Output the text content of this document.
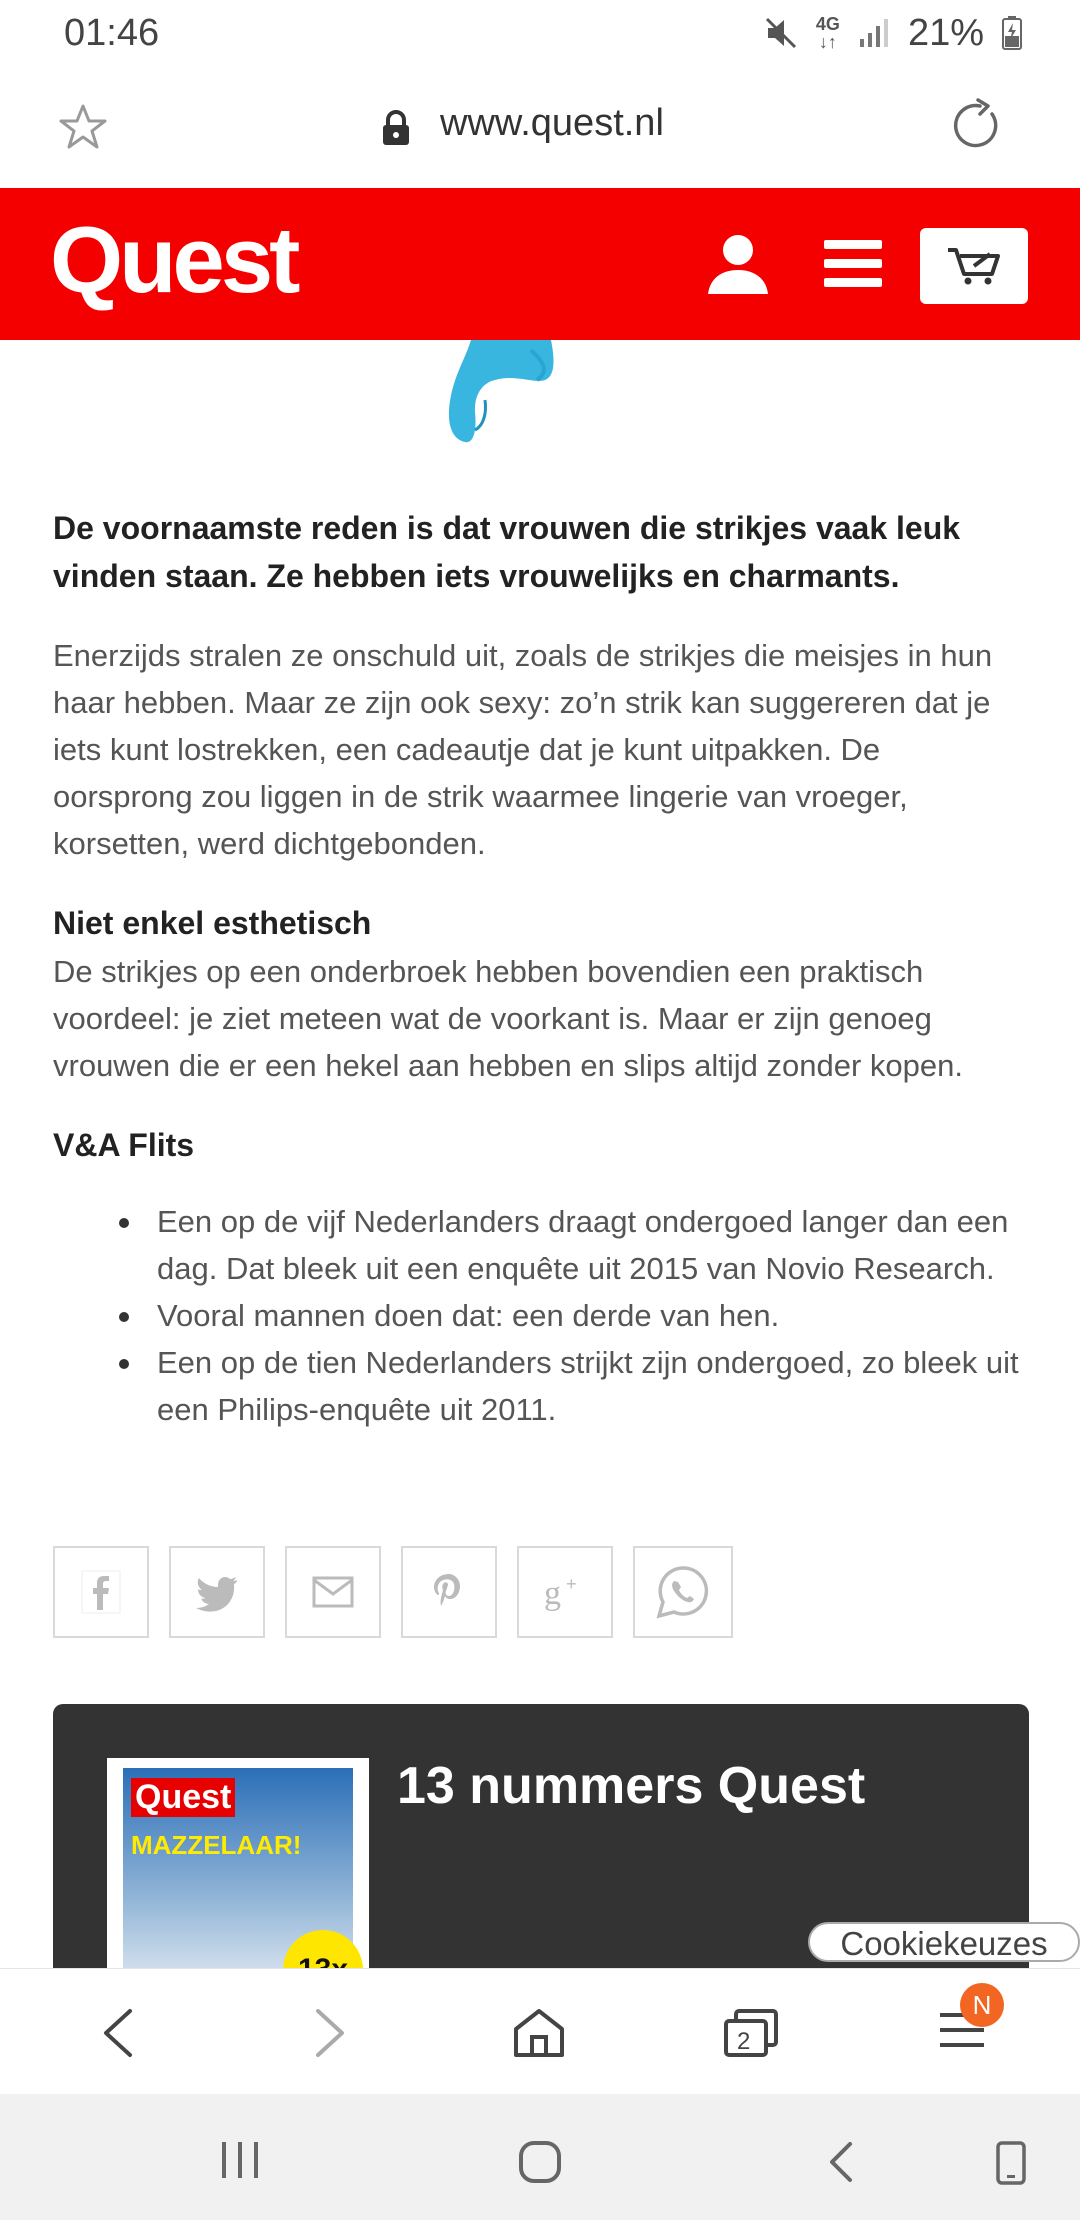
01:46	4G
↓↑ 21%
www.quest.nl
Quest

De voornaamste reden is dat vrouwen die strikjes vaak leuk vinden staan. Ze hebben iets vrouwelijks en charmants.

Enerzijds stralen ze onschuld uit, zoals de strikjes die meisjes in hun haar hebben. Maar ze zijn ook sexy: zo’n strik kan suggereren dat je iets kunt lostrekken, een cadeautje dat je kunt uitpakken. De oorsprong zou liggen in de strik waarmee lingerie van vroeger, korsetten, werd dichtgebonden.

Niet enkel esthetisch

De strikjes op een onderbroek hebben bovendien een praktisch voordeel: je ziet meteen wat de voorkant is. Maar er zijn genoeg vrouwen die er een hekel aan hebben en slips altijd zonder kopen.

V&A Flits
Een op de vijf Nederlanders draagt ondergoed langer dan een dag. Dat bleek uit een enquête uit 2015 van Novio Research.
Vooral mannen doen dat: een derde van hen.
Een op de tien Nederlanders strijkt zijn ondergoed, zo bleek uit een Philips-enquête uit 2011.
g +
Quest
MAZZELAAR!
13 nummers Quest
Cookiekeuzes
2
N
